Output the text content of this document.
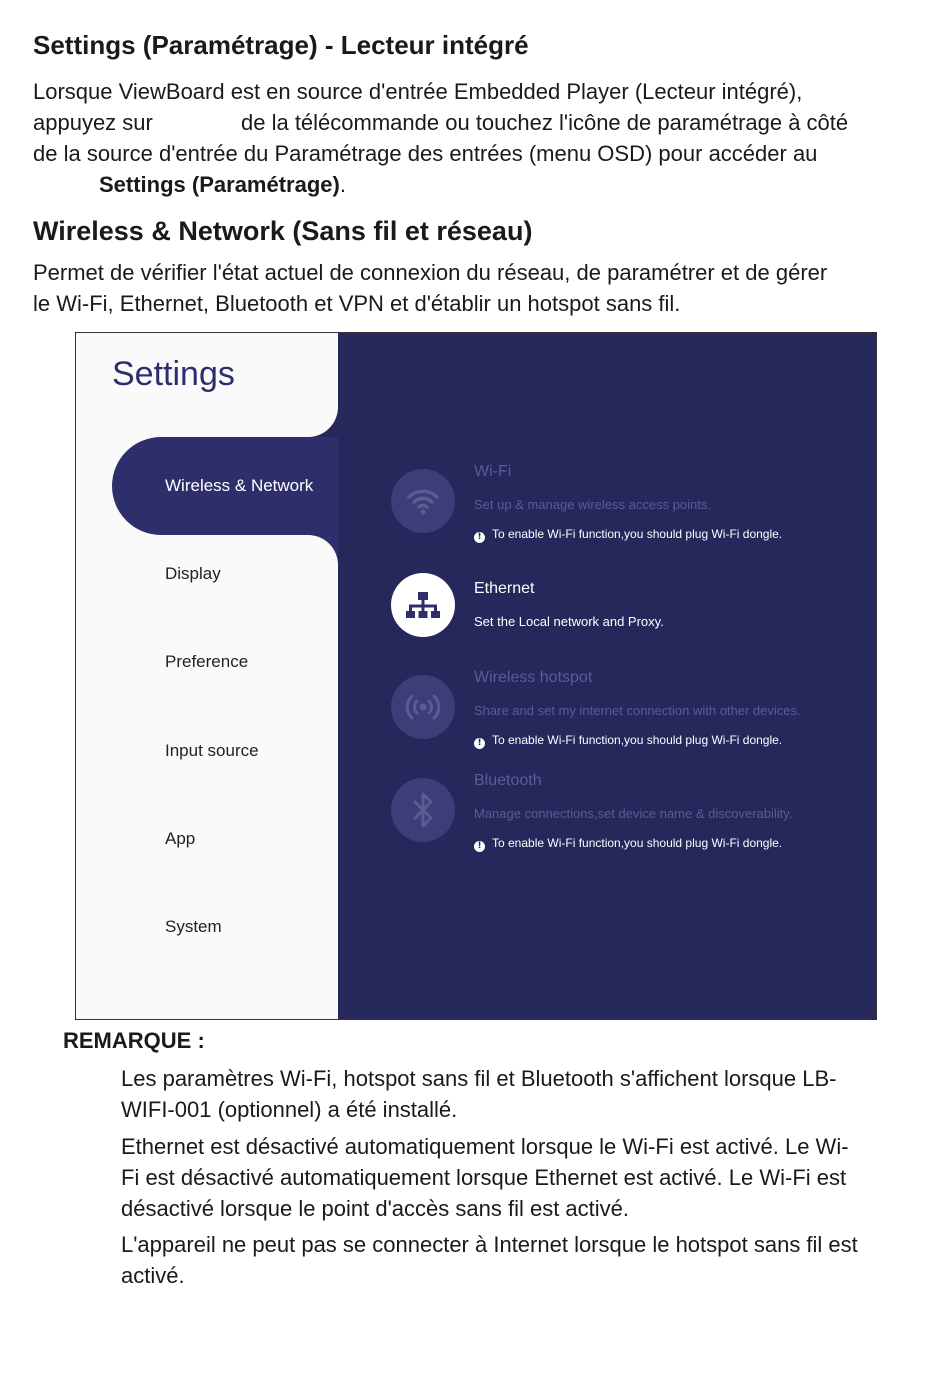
Settings (Paramétrage) - Lecteur intégré
Lorsque ViewBoard est en source d'entrée Embedded Player (Lecteur intégré),
appuyez sur	de la télécommande ou touchez l'icône de paramétrage à côté
de la source d'entrée du Paramétrage des entrées (menu OSD) pour accéder au
Settings (Paramétrage).
Wireless & Network (Sans fil et réseau)
Permet de vérifier l'état actuel de connexion du réseau, de paramétrer et de gérer
le Wi-Fi, Ethernet, Bluetooth et VPN et d'établir un hotspot sans fil.
Settings
Wireless & Network
Display
Preference
Input source
App
System
Wi-Fi
Set up & manage wireless access points.
! To enable Wi-Fi function,you should plug Wi-Fi dongle.
Ethernet
Set the Local network and Proxy.
Wireless hotspot
Share and set my internet connection with other devices.
! To enable Wi-Fi function,you should plug Wi-Fi dongle.
Bluetooth
Manage connections,set device name & discoverability.
! To enable Wi-Fi function,you should plug Wi-Fi dongle.
REMARQUE :
Les paramètres Wi-Fi, hotspot sans fil et Bluetooth s'affichent lorsque LB-
WIFI-001 (optionnel) a été installé.
Ethernet est désactivé automatiquement lorsque le Wi-Fi est activé. Le Wi-
Fi est désactivé automatiquement lorsque Ethernet est activé. Le Wi-Fi est
désactivé lorsque le point d'accès sans fil est activé.
L'appareil ne peut pas se connecter à Internet lorsque le hotspot sans fil est
activé.
